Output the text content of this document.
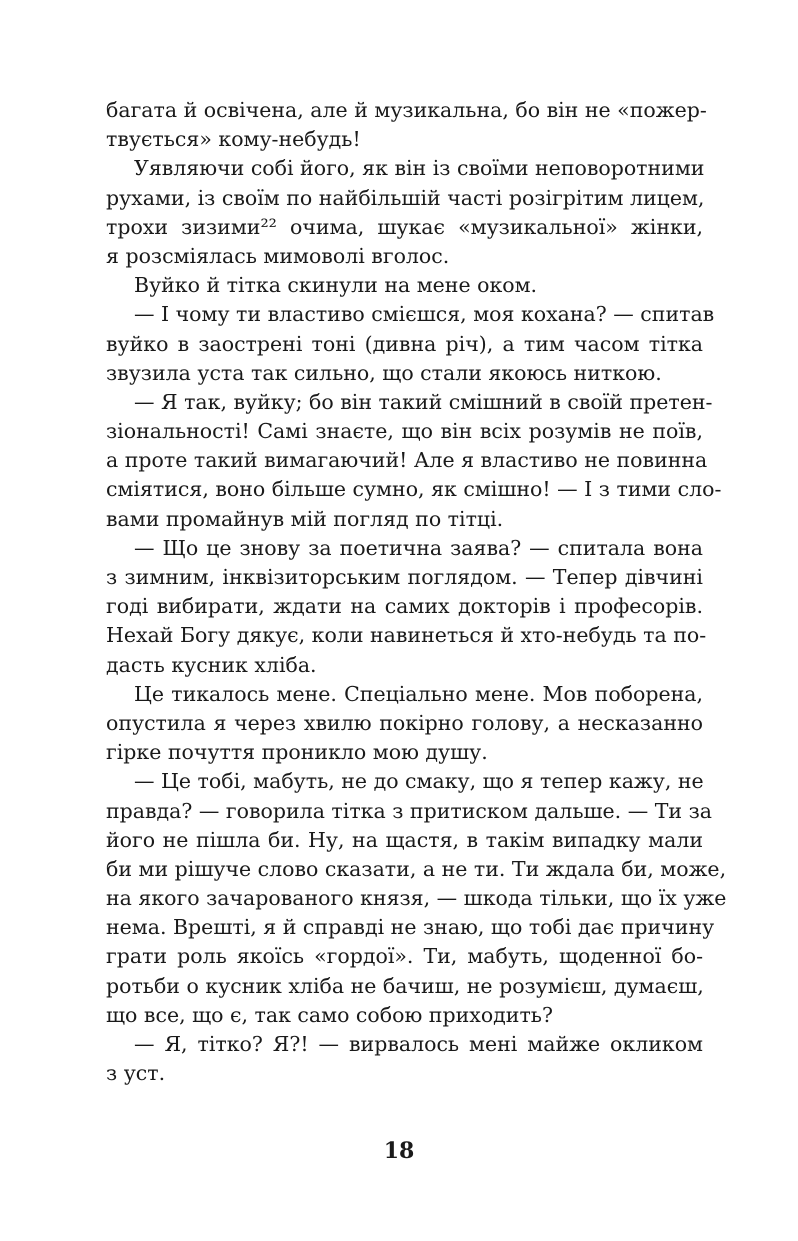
багата й освічена, але й музикальна, бо він не «пожер-
твується» кому-небудь!
Уявляючи собі його, як він із своїми неповоротними
рухами, із своїм по найбільшій часті розігрітим лицем,
трохи зизими²² очима, шукає «музикальної» жінки,
я розсміялась мимоволі вголос.
Вуйко й тітка скинули на мене оком.
— І чому ти властиво смієшся, моя кохана? — спитав
вуйко в заострені тоні (дивна річ), а тим часом тітка
звузила уста так сильно, що стали якоюсь ниткою.
— Я так, вуйку; бо він такий смішний в своїй претен-
зіональності! Самі знаєте, що він всіх розумів не поїв,
а проте такий вимагаючий! Але я властиво не повинна
сміятися, воно більше сумно, як смішно! — І з тими сло-
вами промайнув мій погляд по тітці.
— Що це знову за поетична заява? — спитала вона
з зимним, інквізиторським поглядом. — Тепер дівчині
годі вибирати, ждати на самих докторів і професорів.
Нехай Богу дякує, коли навинеться й хто-небудь та по-
дасть кусник хліба.
Це тикалось мене. Спеціально мене. Мов поборена,
опустила я через хвилю покірно голову, а несказанно
гірке почуття проникло мою душу.
— Це тобі, мабуть, не до смаку, що я тепер кажу, не
правда? — говорила тітка з притиском дальше. — Ти за
його не пішла би. Ну, на щастя, в такім випадку мали
би ми рішуче слово сказати, а не ти. Ти ждала би, може,
на якого зачарованого князя, — шкода тільки, що їх уже
нема. Врешті, я й справді не знаю, що тобі дає причину
грати роль якоїсь «гордої». Ти, мабуть, щоденної бо-
ротьби о кусник хліба не бачиш, не розумієш, думаєш,
що все, що є, так само собою приходить?
— Я, тітко? Я?! — вирвалось мені майже окликом
з уст.
18
